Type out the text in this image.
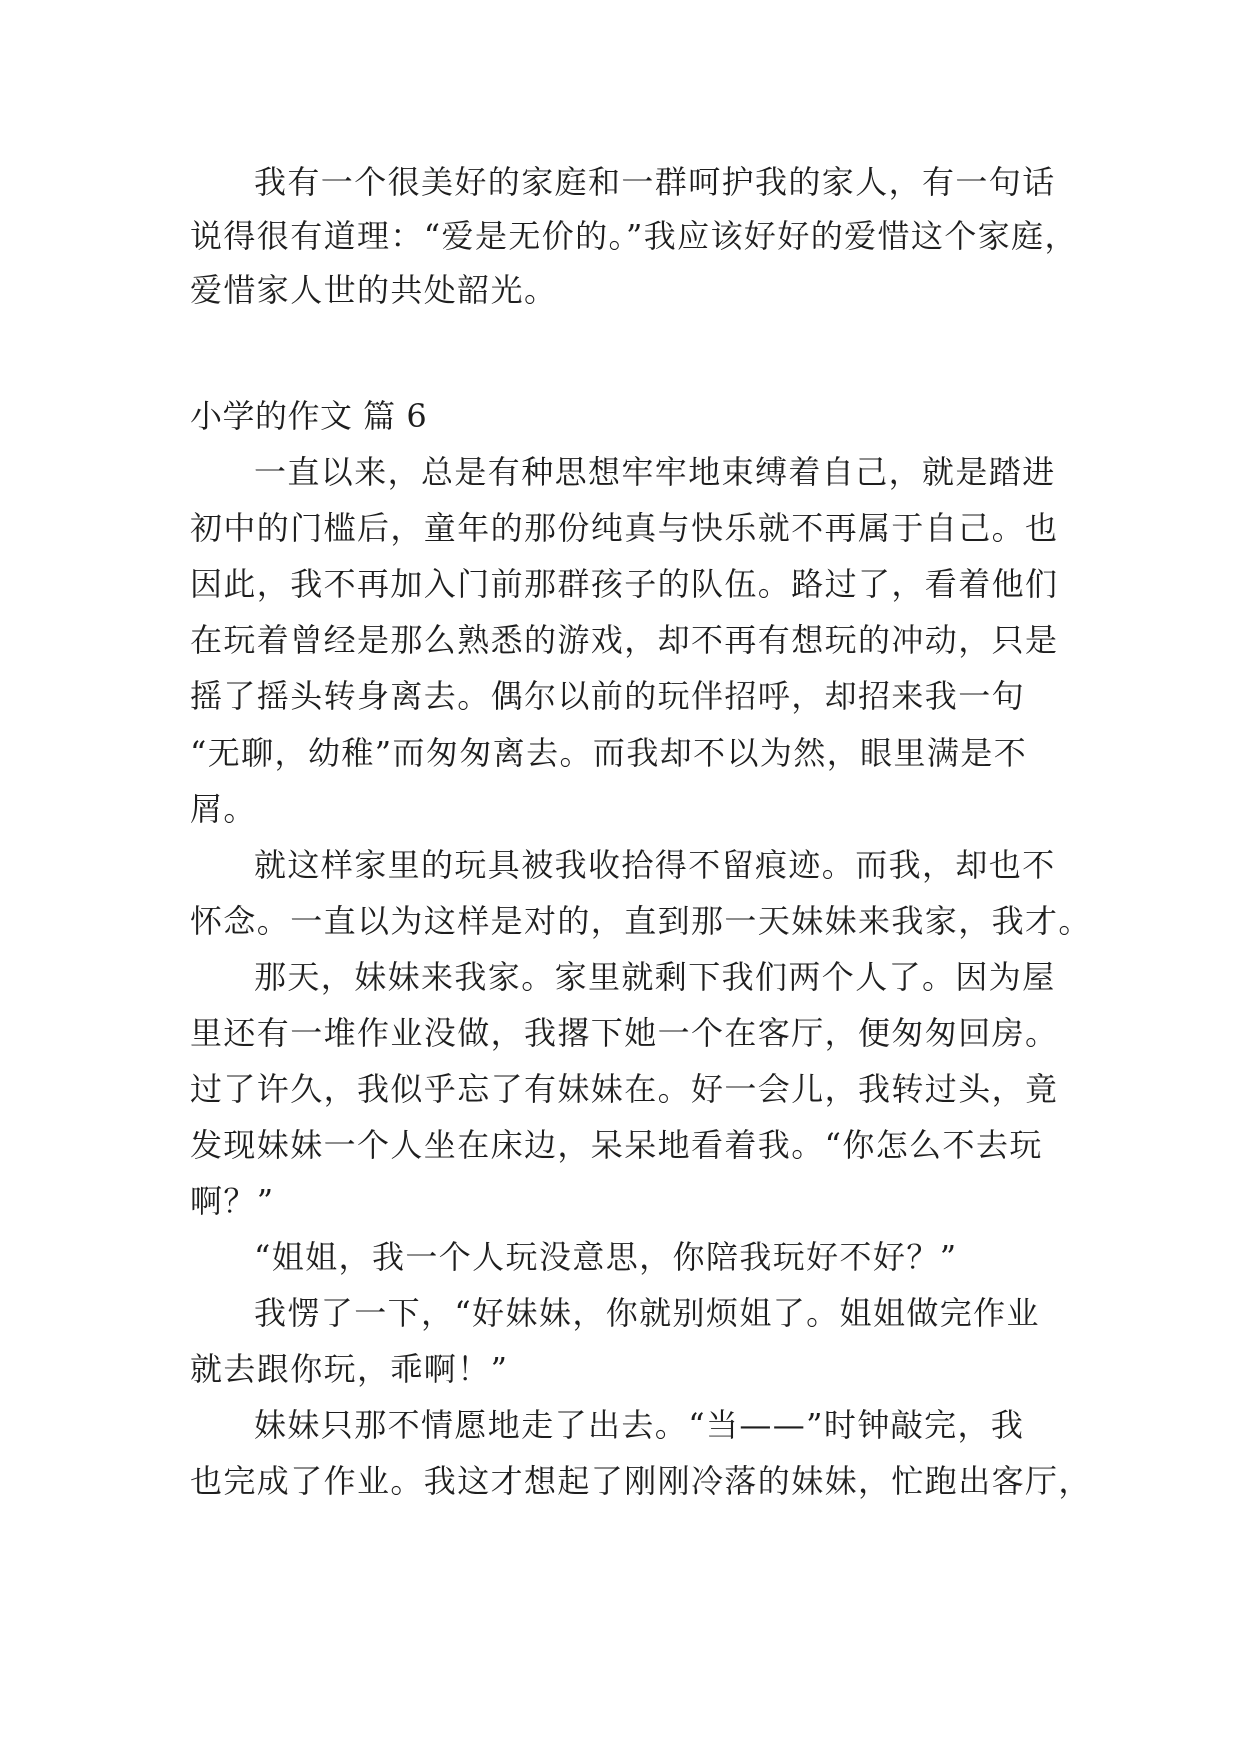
我有一个很美好的家庭和一群呵护我的家人，有一句话
说得很有道理：“爱是无价的。”我应该好好的爱惜这个家庭，
爱惜家人世的共处韶光。
小学的作文 篇 6
一直以来，总是有种思想牢牢地束缚着自己，就是踏进
初中的门槛后，童年的那份纯真与快乐就不再属于自己。也
因此，我不再加入门前那群孩子的队伍。路过了，看着他们
在玩着曾经是那么熟悉的游戏，却不再有想玩的冲动，只是
摇了摇头转身离去。偶尔以前的玩伴招呼，却招来我一句
“无聊，幼稚”而匆匆离去。而我却不以为然，眼里满是不
屑。
就这样家里的玩具被我收拾得不留痕迹。而我，却也不
怀念。一直以为这样是对的，直到那一天妹妹来我家，我才。
那天，妹妹来我家。家里就剩下我们两个人了。因为屋
里还有一堆作业没做，我撂下她一个在客厅，便匆匆回房。
过了许久，我似乎忘了有妹妹在。好一会儿，我转过头，竟
发现妹妹一个人坐在床边，呆呆地看着我。“你怎么不去玩
啊？”
“姐姐，我一个人玩没意思，你陪我玩好不好？”
我愣了一下，“好妹妹，你就别烦姐了。姐姐做完作业
就去跟你玩，乖啊！”
妹妹只那不情愿地走了出去。“当——”时钟敲完，我
也完成了作业。我这才想起了刚刚冷落的妹妹，忙跑出客厅，
